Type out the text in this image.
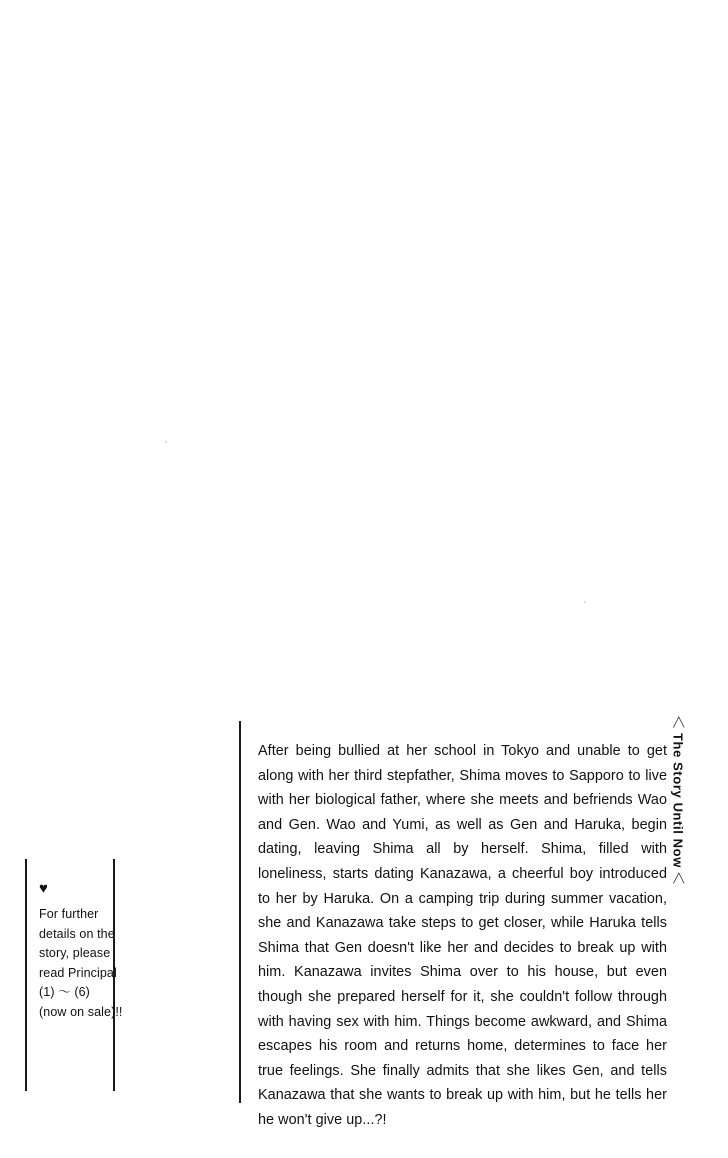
♥
For further
details on the
story, please
read Principal
(1) ～ (6)
(now on sale)!!
After being bullied at her school in Tokyo and unable to get along with her third stepfather, Shima moves to Sapporo to live with her biological father, where she meets and befriends Wao and Gen. Wao and Yumi, as well as Gen and Haruka, begin dating, leaving Shima all by herself. Shima, filled with loneliness, starts dating Kanazawa, a cheerful boy introduced to her by Haruka. On a camping trip during summer vacation, she and Kanazawa take steps to get closer, while Haruka tells Shima that Gen doesn't like her and decides to break up with him. Kanazawa invites Shima over to his house, but even though she prepared herself for it, she couldn't follow through with having sex with him. Things become awkward, and Shima escapes his room and returns home, determines to face her true feelings. She finally admits that she likes Gen, and tells Kanazawa that she wants to break up with him, but he tells her he won't give up...?!
＜
The Story Until Now
＜
